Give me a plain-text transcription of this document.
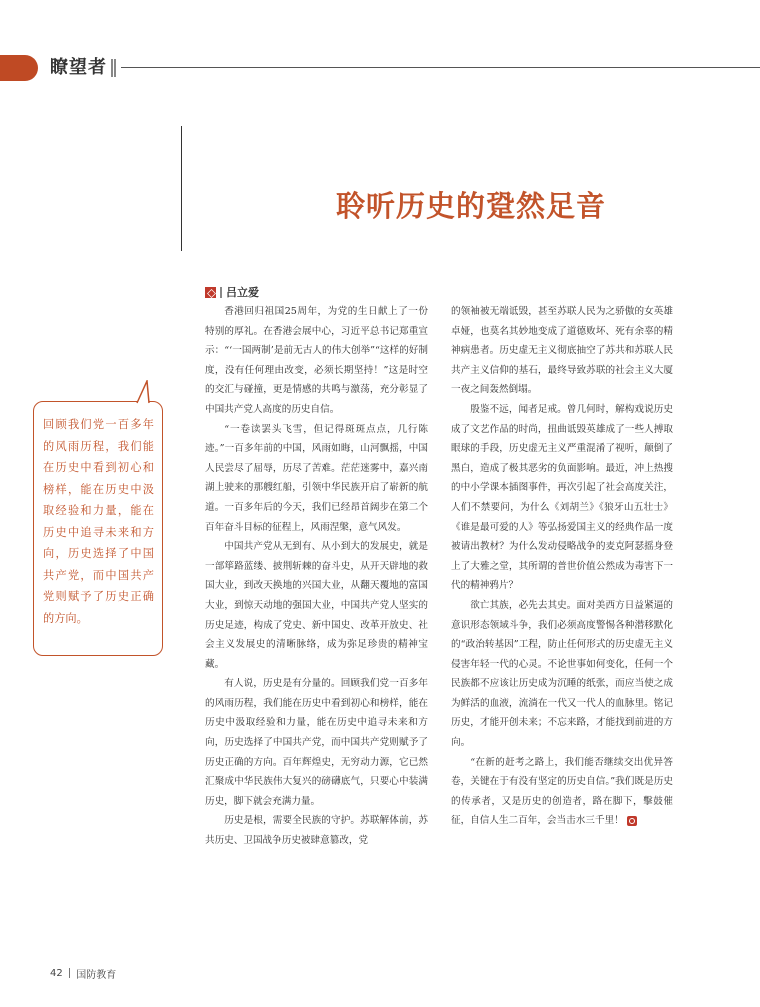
瞭望者
聆听历史的跫然足音
吕立爱
回顾我们党一百多年的风雨历程，我们能在历史中看到初心和榜样，能在历史中汲取经验和力量，能在历史中追寻未来和方向，历史选择了中国共产党，而中国共产党则赋予了历史正确的方向。

香港回归祖国25周年，为党的生日献上了一份特别的厚礼。在香港会展中心，习近平总书记郑重宣示：“‘一国两制’是前无古人的伟大创举”“这样的好制度，没有任何理由改变，必须长期坚持！”这是时空的交汇与碰撞，更是情感的共鸣与激荡，充分彰显了中国共产党人高度的历史自信。

“一卷读罢头飞雪，但记得斑斑点点，几行陈迹。”一百多年前的中国，风雨如晦，山河飘摇，中国人民尝尽了屈辱，历尽了苦难。茫茫迷雾中，嘉兴南湖上驶来的那艘红船，引领中华民族开启了崭新的航道。一百多年后的今天，我们已经昂首阔步在第二个百年奋斗目标的征程上，风雨涅槃，意气风发。

中国共产党从无到有、从小到大的发展史，就是一部筚路蓝缕、披荆斩棘的奋斗史，从开天辟地的救国大业，到改天换地的兴国大业，从翻天覆地的富国大业，到惊天动地的强国大业，中国共产党人坚实的历史足迹，构成了党史、新中国史、改革开放史、社会主义发展史的清晰脉络，成为弥足珍贵的精神宝藏。

有人说，历史是有分量的。回顾我们党一百多年的风雨历程，我们能在历史中看到初心和榜样，能在历史中汲取经验和力量，能在历史中追寻未来和方向，历史选择了中国共产党，而中国共产党则赋予了历史正确的方向。百年辉煌史，无穷动力源，它已然汇聚成中华民族伟大复兴的磅礴底气，只要心中装满历史，脚下就会充满力量。

历史是根，需要全民族的守护。苏联解体前，苏共历史、卫国战争历史被肆意篡改，党

的领袖被无端诋毁，甚至苏联人民为之骄傲的女英雄卓娅，也莫名其妙地变成了道德败坏、死有余辜的精神病患者。历史虚无主义彻底抽空了苏共和苏联人民共产主义信仰的基石，最终导致苏联的社会主义大厦一夜之间轰然倒塌。

殷鉴不远，闻者足戒。曾几何时，解构戏说历史成了文艺作品的时尚，扭曲诋毁英雄成了一些人搏取眼球的手段，历史虚无主义严重混淆了视听，颠倒了黑白，造成了极其恶劣的负面影响。最近，冲上热搜的中小学课本插图事件，再次引起了社会高度关注，人们不禁要问，为什么《刘胡兰》《狼牙山五壮士》《谁是最可爱的人》等弘扬爱国主义的经典作品一度被请出教材？为什么发动侵略战争的麦克阿瑟摇身登上了大雅之堂，其所谓的普世价值公然成为毒害下一代的精神鸦片？

欲亡其族，必先去其史。面对美西方日益紧逼的意识形态领域斗争，我们必须高度警惕各种潜移默化的“政治转基因”工程，防止任何形式的历史虚无主义侵害年轻一代的心灵。不论世事如何变化，任何一个民族都不应该让历史成为沉睡的纸张，而应当使之成为鲜活的血液，流淌在一代又一代人的血脉里。铭记历史，才能开创未来；不忘来路，才能找到前进的方向。

“在新的赶考之路上，我们能否继续交出优异答卷，关键在于有没有坚定的历史自信。”我们既是历史的传承者，又是历史的创造者，路在脚下，擊鼓催征，自信人生二百年，会当击水三千里！

42 国防教育
